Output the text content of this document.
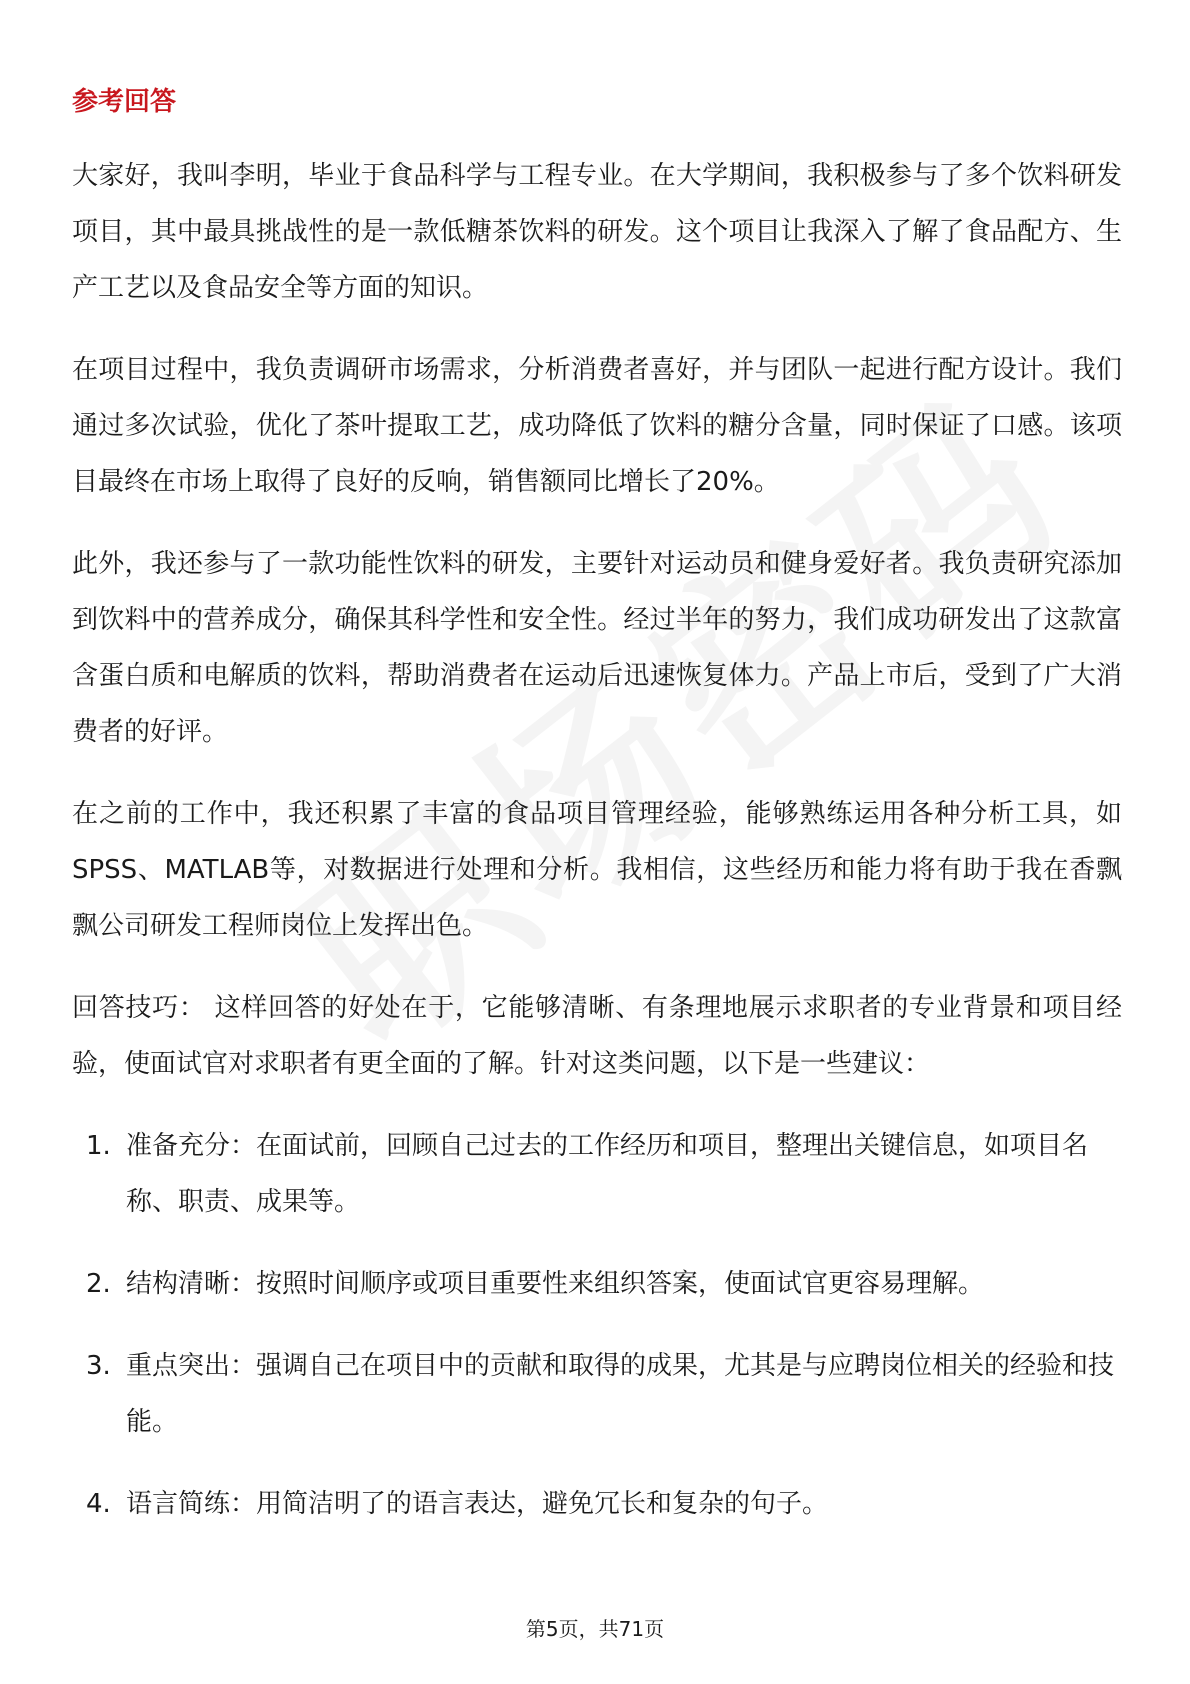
参考回答

大家好，我叫李明，毕业于食品科学与工程专业。在大学期间，我积极参与了多个饮料研发项目，其中最具挑战性的是一款低糖茶饮料的研发。这个项目让我深入了解了食品配方、生产工艺以及食品安全等方面的知识。

在项目过程中，我负责调研市场需求，分析消费者喜好，并与团队一起进行配方设计。我们通过多次试验，优化了茶叶提取工艺，成功降低了饮料的糖分含量，同时保证了口感。该项目最终在市场上取得了良好的反响，销售额同比增长了20%。

此外，我还参与了一款功能性饮料的研发，主要针对运动员和健身爱好者。我负责研究添加到饮料中的营养成分，确保其科学性和安全性。经过半年的努力，我们成功研发出了这款富含蛋白质和电解质的饮料，帮助消费者在运动后迅速恢复体力。产品上市后，受到了广大消费者的好评。

在之前的工作中，我还积累了丰富的食品项目管理经验，能够熟练运用各种分析工具，如SPSS、MATLAB等，对数据进行处理和分析。我相信，这些经历和能力将有助于我在香飘飘公司研发工程师岗位上发挥出色。

回答技巧： 这样回答的好处在于，它能够清晰、有条理地展示求职者的专业背景和项目经验，使面试官对求职者有更全面的了解。针对这类问题，以下是一些建议：

1. 准备充分：在面试前，回顾自己过去的工作经历和项目，整理出关键信息，如项目名称、职责、成果等。
2. 结构清晰：按照时间顺序或项目重要性来组织答案，使面试官更容易理解。
3. 重点突出：强调自己在项目中的贡献和取得的成果，尤其是与应聘岗位相关的经验和技能。
4. 语言简练：用简洁明了的语言表达，避免冗长和复杂的句子。
第5页，共71页
